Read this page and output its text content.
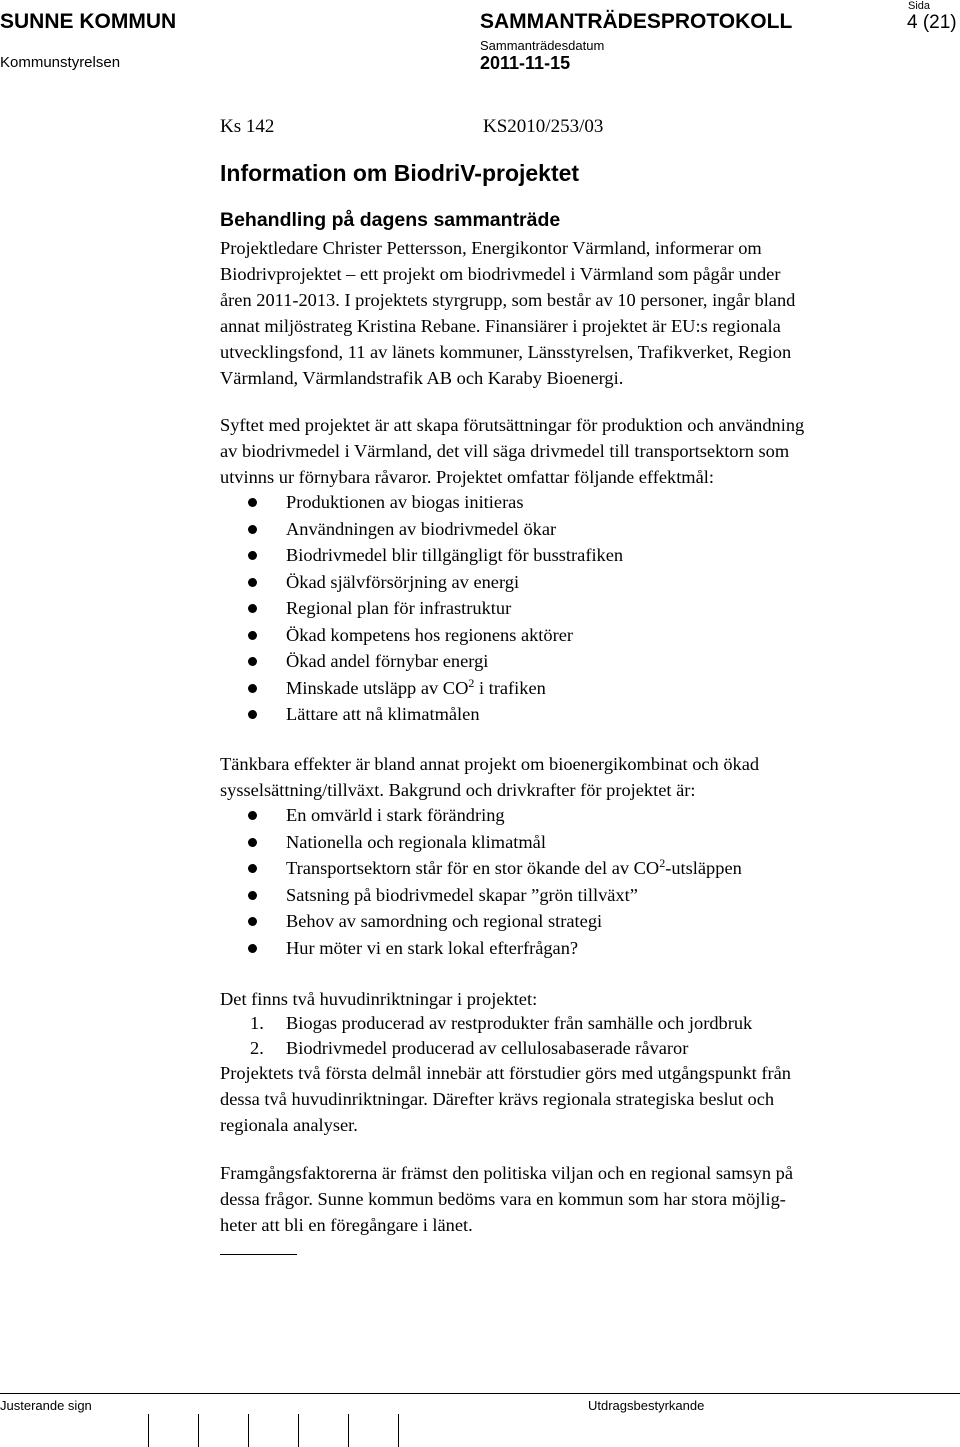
SUNNE KOMMUN
Kommunstyrelsen
SAMMANTRÄDESPROTOKOLL
Sammanträdesdatum
2011-11-15
Sida
4 (21)
Ks 142	KS2010/253/03
Information om BiodriV-projektet
Behandling på dagens sammanträde
Projektledare Christer Pettersson, Energikontor Värmland, informerar om
Biodrivprojektet – ett projekt om biodrivmedel i Värmland som pågår under
åren 2011-2013. I projektets styrgrupp, som består av 10 personer, ingår bland
annat miljöstrateg Kristina Rebane. Finansiärer i projektet är EU:s regionala
utvecklingsfond, 11 av länets kommuner, Länsstyrelsen, Trafikverket, Region
Värmland, Värmlandstrafik AB och Karaby Bioenergi.
Syftet med projektet är att skapa förutsättningar för produktion och användning
av biodrivmedel i Värmland, det vill säga drivmedel till transportsektorn som
utvinns ur förnybara råvaror. Projektet omfattar följande effektmål:
Produktionen av biogas initieras
Användningen av biodrivmedel ökar
Biodrivmedel blir tillgängligt för busstrafiken
Ökad självförsörjning av energi
Regional plan för infrastruktur
Ökad kompetens hos regionens aktörer
Ökad andel förnybar energi
Minskade utsläpp av $CO^2$ i trafiken
Lättare att nå klimatmålen
Tänkbara effekter är bland annat projekt om bioenergikombinat och ökad
sysselsättning/tillväxt. Bakgrund och drivkrafter för projektet är:
En omvärld i stark förändring
Nationella och regionala klimatmål
Transportsektorn står för en stor ökande del av $CO^2$-utsläppen
Satsning på biodrivmedel skapar ”grön tillväxt”
Behov av samordning och regional strategi
Hur möter vi en stark lokal efterfrågan?
Det finns två huvudinriktningar i projektet:
1. Biogas producerad av restprodukter från samhälle och jordbruk
2. Biodrivmedel producerad av cellulosabaserade råvaror
Projektets två första delmål innebär att förstudier görs med utgångspunkt från
dessa två huvudinriktningar. Därefter krävs regionala strategiska beslut och
regionala analyser.
Framgångsfaktorerna är främst den politiska viljan och en regional samsyn på
dessa frågor. Sunne kommun bedöms vara en kommun som har stora möjlig-
heter att bli en föregångare i länet.
Justerande sign	Utdragsbestyrkande
